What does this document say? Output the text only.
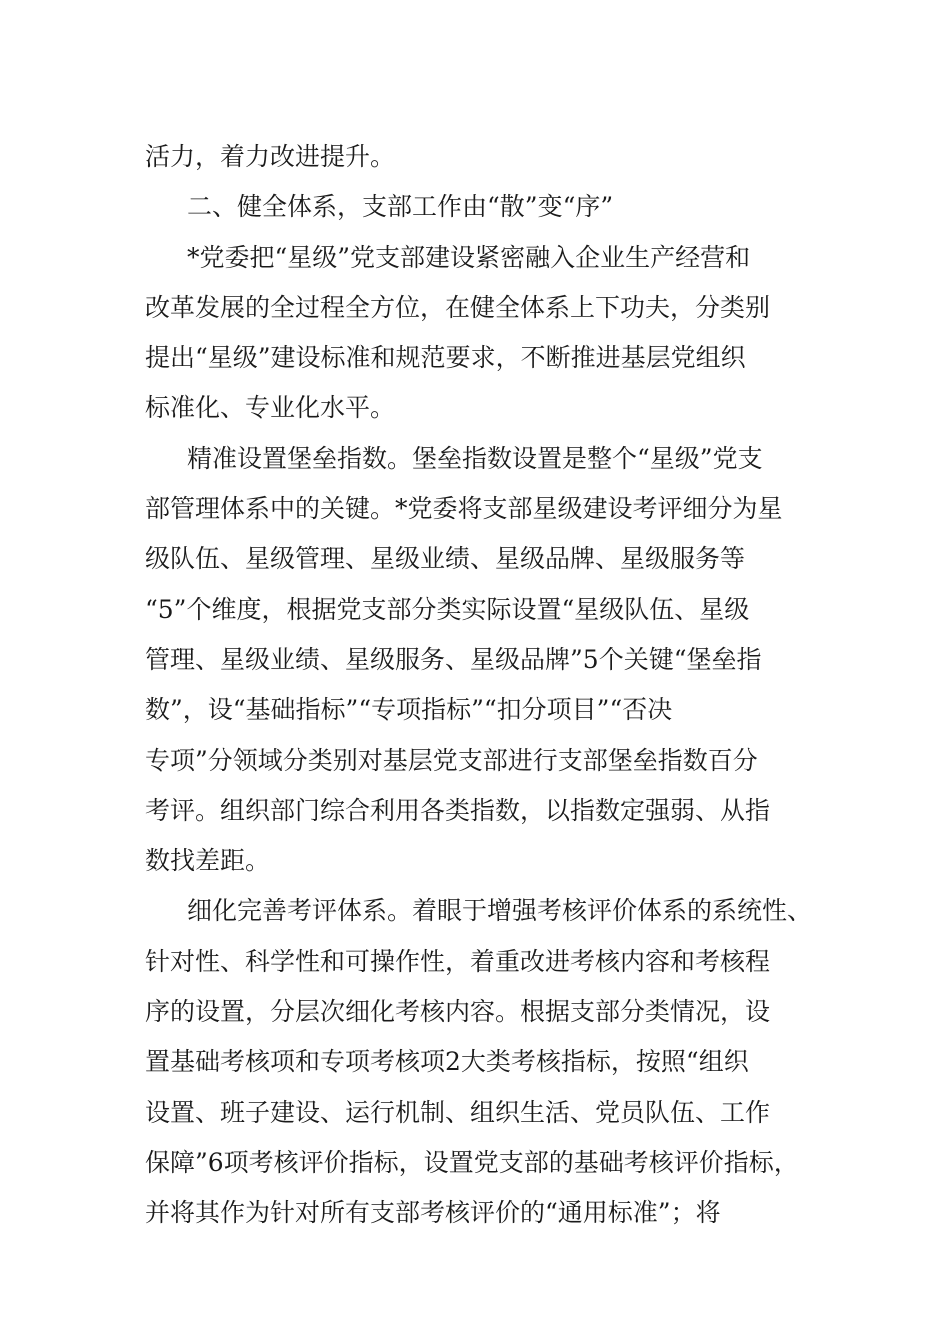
活力，着力改进提升。
二、健全体系，支部工作由“散”变“序”
*党委把“星级”党支部建设紧密融入企业生产经营和
改革发展的全过程全方位，在健全体系上下功夫，分类别
提出“星级”建设标准和规范要求，不断推进基层党组织
标准化、专业化水平。
精准设置堡垒指数。堡垒指数设置是整个“星级”党支
部管理体系中的关键。*党委将支部星级建设考评细分为星
级队伍、星级管理、星级业绩、星级品牌、星级服务等
“5”个维度，根据党支部分类实际设置“星级队伍、星级
管理、星级业绩、星级服务、星级品牌”5个关键“堡垒指
数”，设“基础指标”“专项指标”“扣分项目”“否决
专项”分领域分类别对基层党支部进行支部堡垒指数百分
考评。组织部门综合利用各类指数，以指数定强弱、从指
数找差距。
细化完善考评体系。着眼于增强考核评价体系的系统性、
针对性、科学性和可操作性，着重改进考核内容和考核程
序的设置，分层次细化考核内容。根据支部分类情况，设
置基础考核项和专项考核项2大类考核指标，按照“组织
设置、班子建设、运行机制、组织生活、党员队伍、工作
保障”6项考核评价指标，设置党支部的基础考核评价指标，
并将其作为针对所有支部考核评价的“通用标准”；将
